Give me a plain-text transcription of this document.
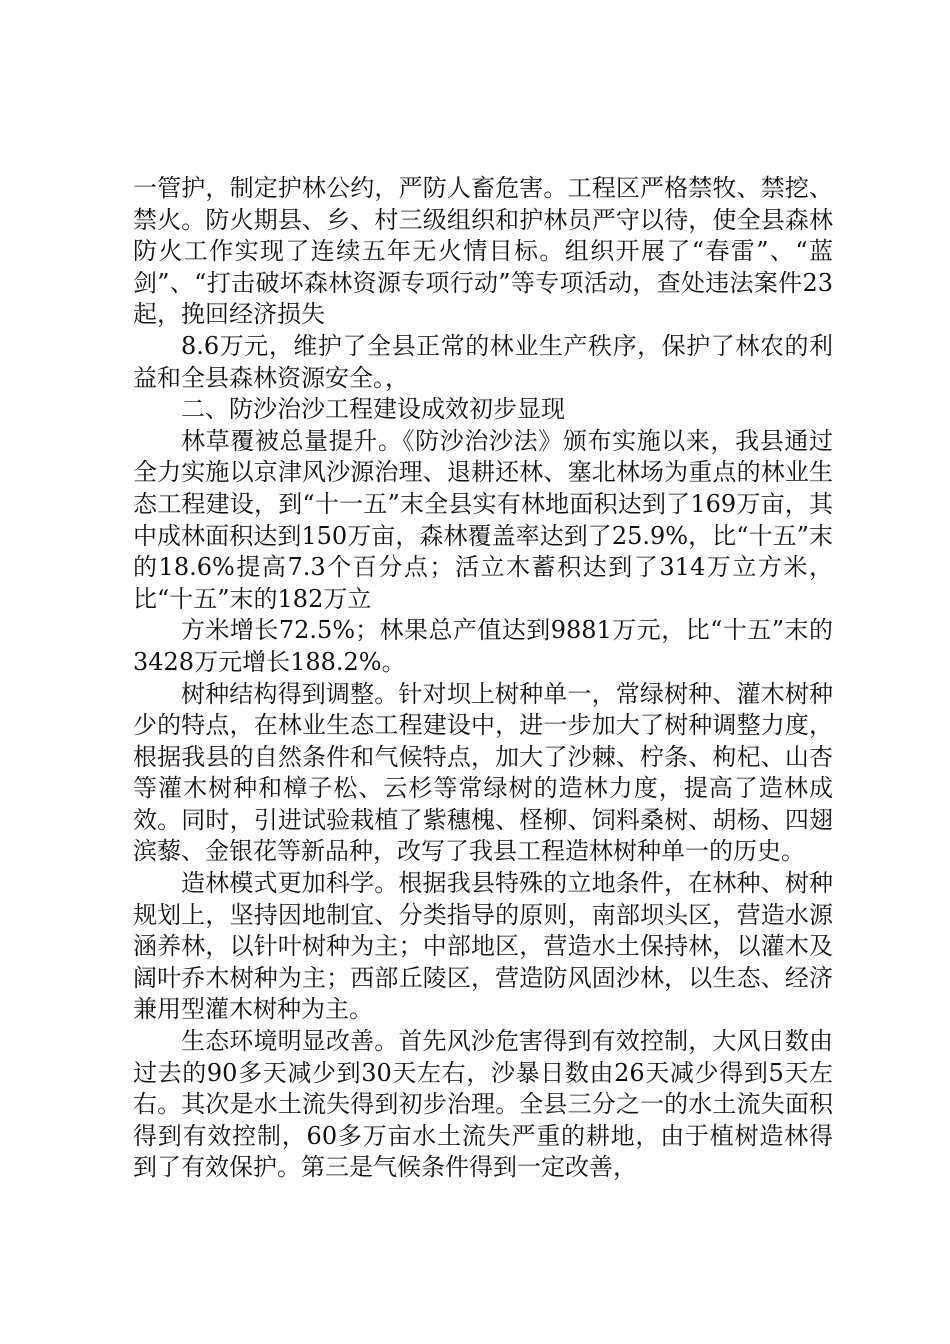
一管护，制定护林公约，严防人畜危害。工程区严格禁牧、禁挖、禁火。防火期县、乡、村三级组织和护林员严守以待，使全县森林防火工作实现了连续五年无火情目标。组织开展了“春雷”、“蓝剑”、“打击破坏森林资源专项行动”等专项活动，查处违法案件23起，挽回经济损失

8.6万元，维护了全县正常的林业生产秩序，保护了林农的利益和全县森林资源安全。，

二、防沙治沙工程建设成效初步显现

林草覆被总量提升。《防沙治沙法》颁布实施以来，我县通过全力实施以京津风沙源治理、退耕还林、塞北林场为重点的林业生态工程建设，到“十一五”末全县实有林地面积达到了169万亩，其中成林面积达到150万亩，森林覆盖率达到了25.9%，比“十五”末的18.6%提高7.3个百分点；活立木蓄积达到了314万立方米，比“十五”末的182万立

方米增长72.5%；林果总产值达到9881万元，比“十五”末的3428万元增长188.2%。

树种结构得到调整。针对坝上树种单一，常绿树种、灌木树种少的特点，在林业生态工程建设中，进一步加大了树种调整力度，根据我县的自然条件和气候特点，加大了沙棘、柠条、枸杞、山杏等灌木树种和樟子松、云杉等常绿树的造林力度，提高了造林成效。同时，引进试验栽植了紫穗槐、柽柳、饲料桑树、胡杨、四翅滨藜、金银花等新品种，改写了我县工程造林树种单一的历史。

造林模式更加科学。根据我县特殊的立地条件，在林种、树种规划上，坚持因地制宜、分类指导的原则，南部坝头区，营造水源涵养林，以针叶树种为主；中部地区，营造水土保持林，以灌木及阔叶乔木树种为主；西部丘陵区，营造防风固沙林，以生态、经济兼用型灌木树种为主。

生态环境明显改善。首先风沙危害得到有效控制，大风日数由过去的90多天减少到30天左右，沙暴日数由26天减少得到5天左右。其次是水土流失得到初步治理。全县三分之一的水土流失面积得到有效控制，60多万亩水土流失严重的耕地，由于植树造林得到了有效保护。第三是气候条件得到一定改善，
